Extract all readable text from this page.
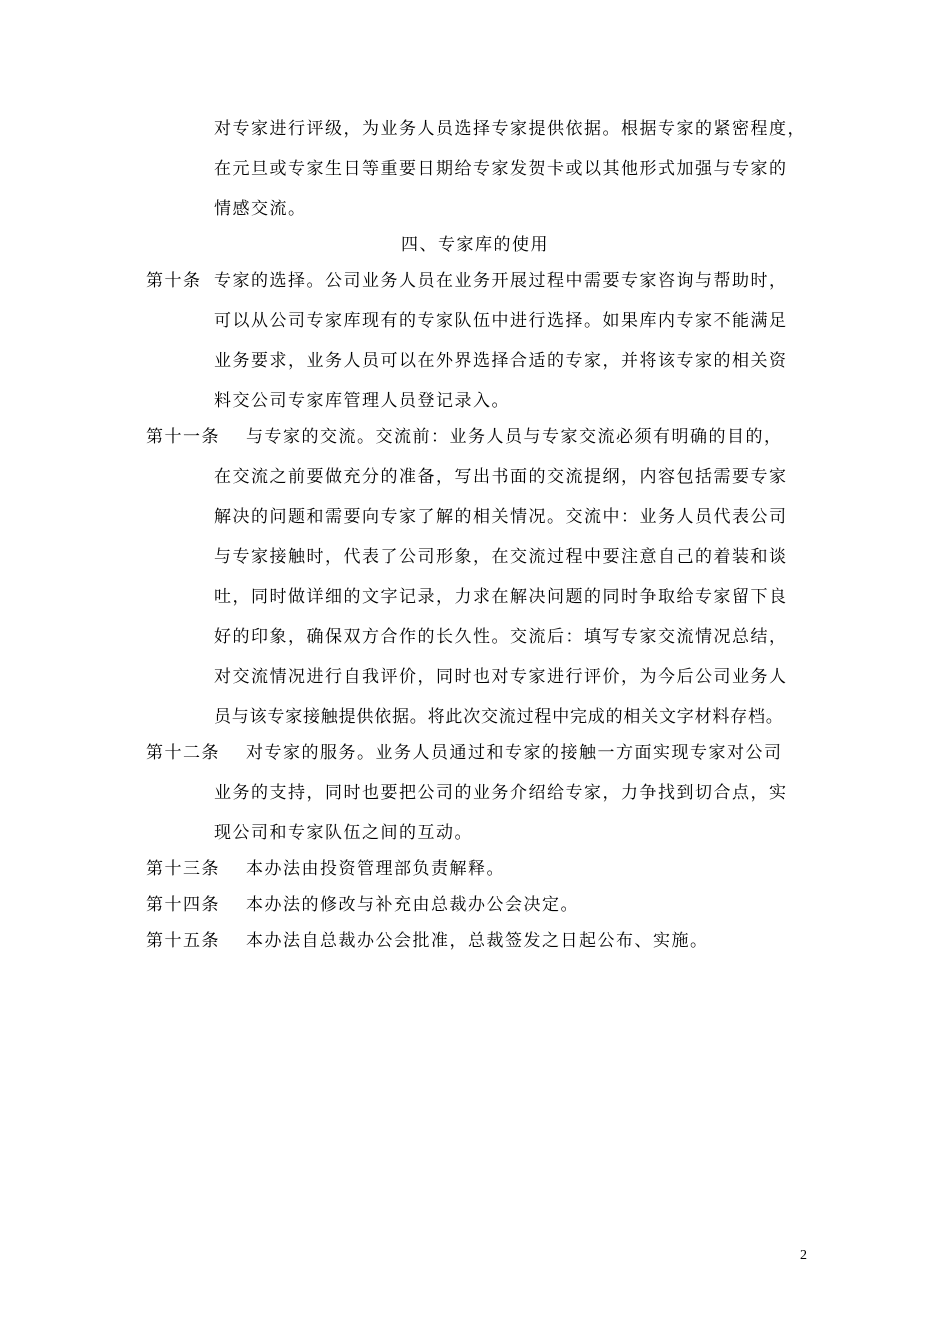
对专家进行评级，为业务人员选择专家提供依据。根据专家的紧密程度，
在元旦或专家生日等重要日期给专家发贺卡或以其他形式加强与专家的
情感交流。
四、专家库的使用
第十条 专家的选择。公司业务人员在业务开展过程中需要专家咨询与帮助时，
可以从公司专家库现有的专家队伍中进行选择。如果库内专家不能满足
业务要求，业务人员可以在外界选择合适的专家，并将该专家的相关资
料交公司专家库管理人员登记录入。
第十一条 与专家的交流。交流前：业务人员与专家交流必须有明确的目的，
在交流之前要做充分的准备，写出书面的交流提纲，内容包括需要专家
解决的问题和需要向专家了解的相关情况。交流中：业务人员代表公司
与专家接触时，代表了公司形象，在交流过程中要注意自己的着装和谈
吐，同时做详细的文字记录，力求在解决问题的同时争取给专家留下良
好的印象，确保双方合作的长久性。交流后：填写专家交流情况总结，
对交流情况进行自我评价，同时也对专家进行评价，为今后公司业务人
员与该专家接触提供依据。将此次交流过程中完成的相关文字材料存档。
第十二条 对专家的服务。业务人员通过和专家的接触一方面实现专家对公司
业务的支持，同时也要把公司的业务介绍给专家，力争找到切合点，实
现公司和专家队伍之间的互动。
第十三条 本办法由投资管理部负责解释。
第十四条 本办法的修改与补充由总裁办公会决定。
第十五条 本办法自总裁办公会批准，总裁签发之日起公布、实施。
2
